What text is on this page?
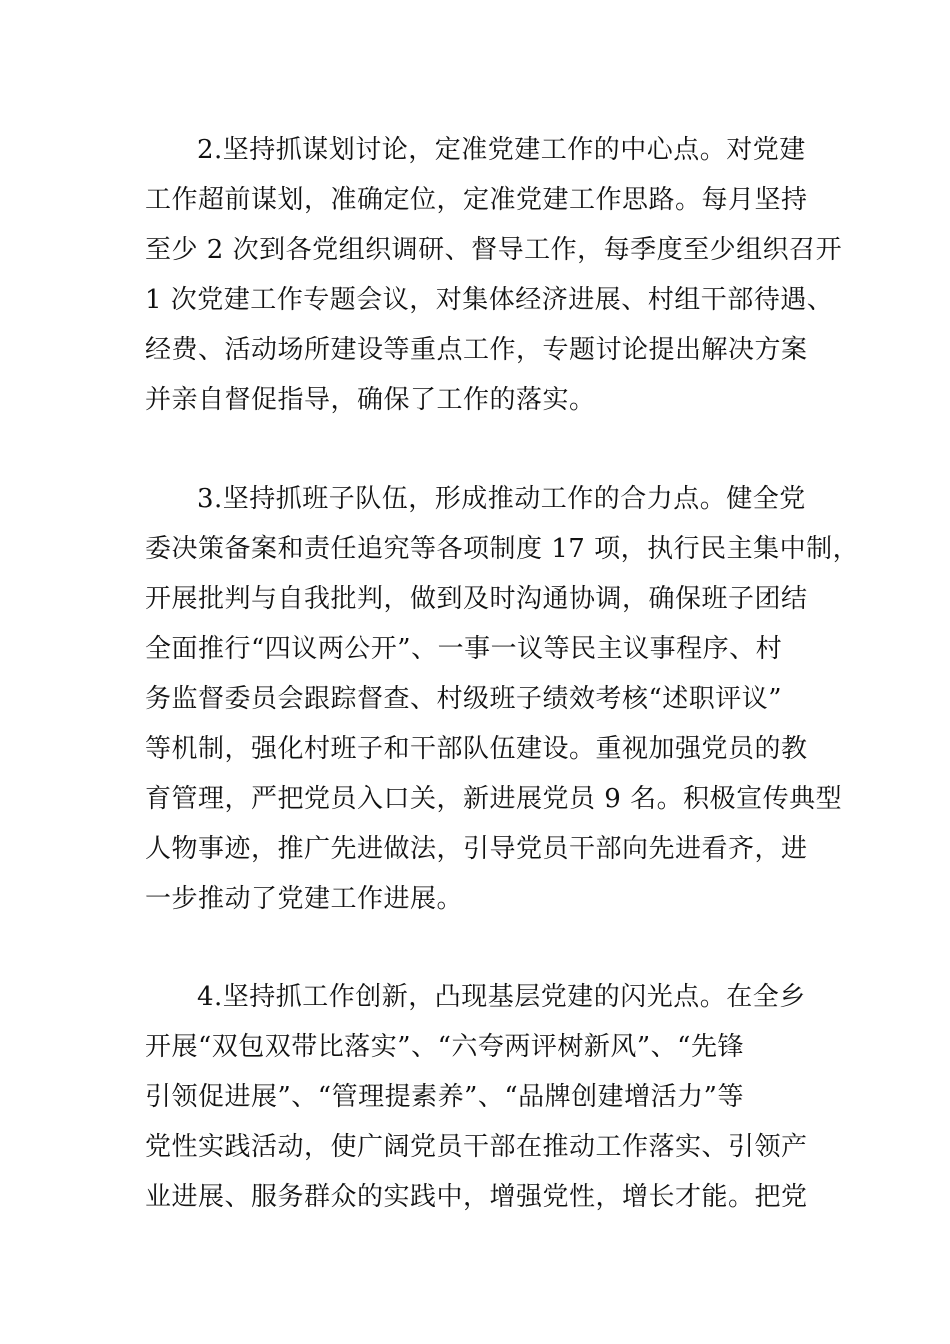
2.坚持抓谋划讨论，定准党建工作的中心点。对党建
工作超前谋划，准确定位，定准党建工作思路。每月坚持
至少 2 次到各党组织调研、督导工作，每季度至少组织召开
1 次党建工作专题会议，对集体经济进展、村组干部待遇、
经费、活动场所建设等重点工作，专题讨论提出解决方案
并亲自督促指导，确保了工作的落实。
3.坚持抓班子队伍，形成推动工作的合力点。健全党
委决策备案和责任追究等各项制度 17 项，执行民主集中制，
开展批判与自我批判，做到及时沟通协调，确保班子团结
全面推行“四议两公开”、一事一议等民主议事程序、村
务监督委员会跟踪督查、村级班子绩效考核“述职评议”
等机制，强化村班子和干部队伍建设。重视加强党员的教
育管理，严把党员入口关，新进展党员 9 名。积极宣传典型
人物事迹，推广先进做法，引导党员干部向先进看齐，进
一步推动了党建工作进展。
4.坚持抓工作创新，凸现基层党建的闪光点。在全乡
开展“双包双带比落实”、“六夸两评树新风”、“先锋
引领促进展”、“管理提素养”、“品牌创建增活力”等
党性实践活动，使广阔党员干部在推动工作落实、引领产
业进展、服务群众的实践中，增强党性，增长才能。把党
